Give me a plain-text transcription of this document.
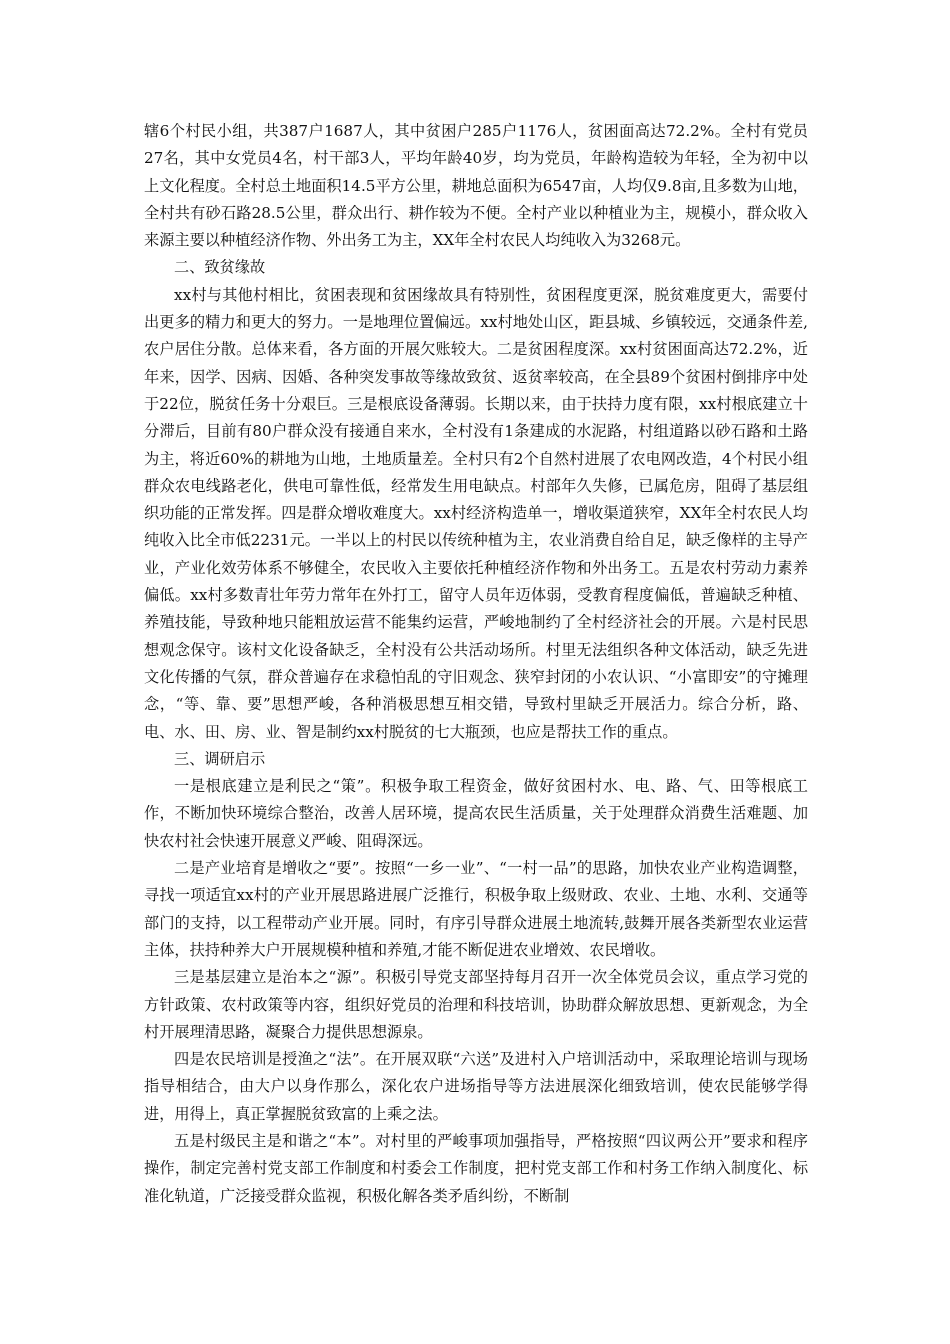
辖6个村民小组，共387户1687人，其中贫困户285户1176人，贫困面高达72.2%。全村有党员27名，其中女党员4名，村干部3人，平均年龄40岁，均为党员，年龄构造较为年轻，全为初中以上文化程度。全村总土地面积14.5平方公里，耕地总面积为6547亩，人均仅9.8亩,且多数为山地，全村共有砂石路28.5公里，群众出行、耕作较为不便。全村产业以种植业为主，规模小，群众收入来源主要以种植经济作物、外出务工为主，XX年全村农民人均纯收入为3268元。

二、致贫缘故

xx村与其他村相比，贫困表现和贫困缘故具有特别性，贫困程度更深，脱贫难度更大，需要付出更多的精力和更大的努力。一是地理位置偏远。xx村地处山区，距县城、乡镇较远，交通条件差,农户居住分散。总体来看，各方面的开展欠账较大。二是贫困程度深。xx村贫困面高达72.2%，近年来，因学、因病、因婚、各种突发事故等缘故致贫、返贫率较高，在全县89个贫困村倒排序中处于22位，脱贫任务十分艰巨。三是根底设备薄弱。长期以来，由于扶持力度有限，xx村根底建立十分滞后，目前有80户群众没有接通自来水，全村没有1条建成的水泥路，村组道路以砂石路和土路为主，将近60%的耕地为山地，土地质量差。全村只有2个自然村进展了农电网改造，4个村民小组群众农电线路老化，供电可靠性低，经常发生用电缺点。村部年久失修，已属危房，阻碍了基层组织功能的正常发挥。四是群众增收难度大。xx村经济构造单一，增收渠道狭窄，XX年全村农民人均纯收入比全市低2231元。一半以上的村民以传统种植为主，农业消费自给自足，缺乏像样的主导产业，产业化效劳体系不够健全，农民收入主要依托种植经济作物和外出务工。五是农村劳动力素养偏低。xx村多数青壮年劳力常年在外打工，留守人员年迈体弱，受教育程度偏低，普遍缺乏种植、养殖技能，导致种地只能粗放运营不能集约运营，严峻地制约了全村经济社会的开展。六是村民思想观念保守。该村文化设备缺乏，全村没有公共活动场所。村里无法组织各种文体活动，缺乏先进文化传播的气氛，群众普遍存在求稳怕乱的守旧观念、狭窄封闭的小农认识、“小富即安”的守摊理念，“等、靠、要”思想严峻，各种消极思想互相交错，导致村里缺乏开展活力。综合分析，路、电、水、田、房、业、智是制约xx村脱贫的七大瓶颈，也应是帮扶工作的重点。

三、调研启示

一是根底建立是利民之“策”。积极争取工程资金，做好贫困村水、电、路、气、田等根底工作，不断加快环境综合整治，改善人居环境，提高农民生活质量，关于处理群众消费生活难题、加快农村社会快速开展意义严峻、阻碍深远。

二是产业培育是增收之“要”。按照“一乡一业”、“一村一品”的思路，加快农业产业构造调整，寻找一项适宜xx村的产业开展思路进展广泛推行，积极争取上级财政、农业、土地、水利、交通等部门的支持，以工程带动产业开展。同时，有序引导群众进展土地流转,鼓舞开展各类新型农业运营主体，扶持种养大户开展规模种植和养殖,才能不断促进农业增效、农民增收。

三是基层建立是治本之“源”。积极引导党支部坚持每月召开一次全体党员会议，重点学习党的方针政策、农村政策等内容，组织好党员的治理和科技培训，协助群众解放思想、更新观念，为全村开展理清思路，凝聚合力提供思想源泉。

四是农民培训是授渔之“法”。在开展双联“六送”及进村入户培训活动中，采取理论培训与现场指导相结合，由大户以身作那么，深化农户进场指导等方法进展深化细致培训，使农民能够学得进，用得上，真正掌握脱贫致富的上乘之法。

五是村级民主是和谐之“本”。对村里的严峻事项加强指导，严格按照“四议两公开”要求和程序操作，制定完善村党支部工作制度和村委会工作制度，把村党支部工作和村务工作纳入制度化、标准化轨道，广泛接受群众监视，积极化解各类矛盾纠纷，不断制
